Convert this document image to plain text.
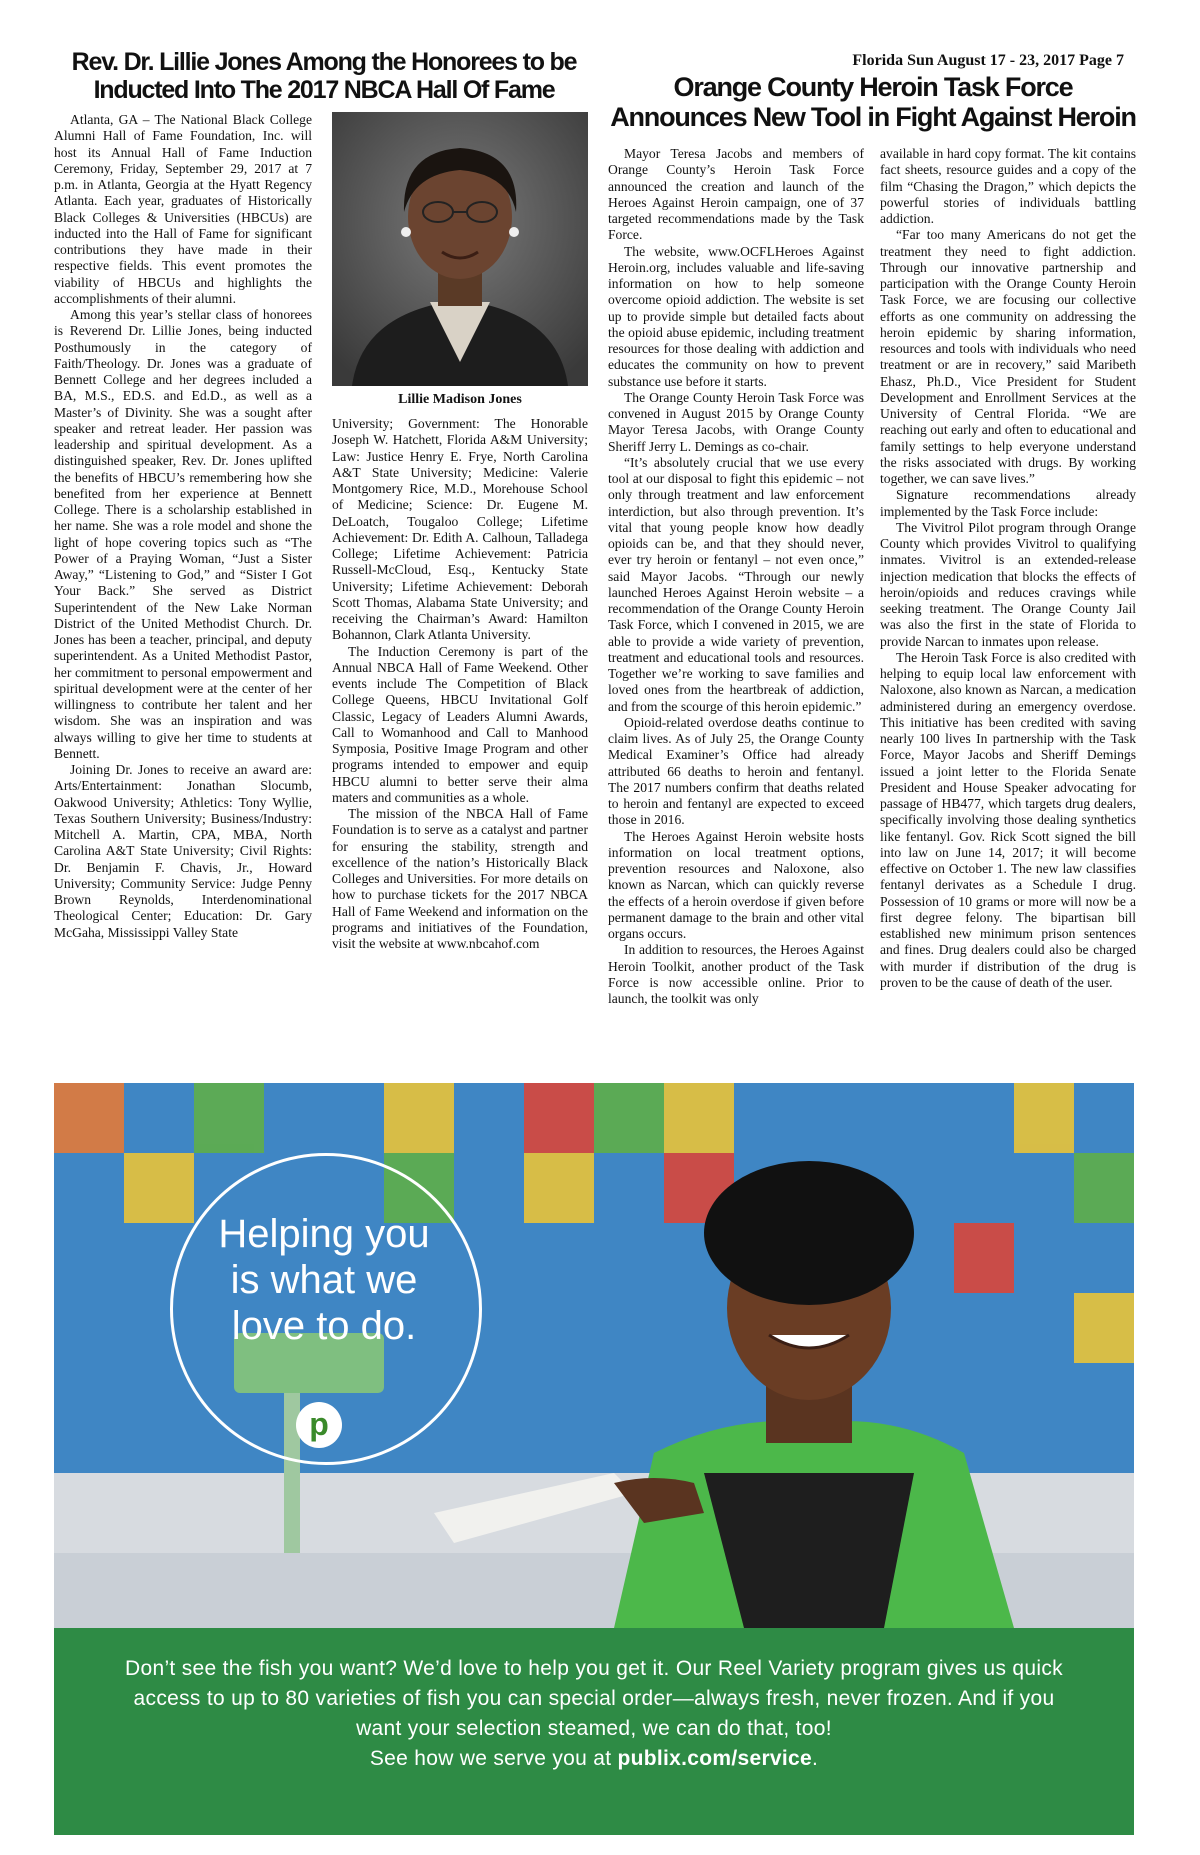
Rev. Dr. Lillie Jones Among the Honorees to be
Inducted Into The 2017 NBCA Hall Of Fame
Florida Sun August 17 - 23, 2017 Page 7
Orange County Heroin Task Force
Announces New Tool in Fight Against Heroin

Atlanta, GA – The National Black College Alumni Hall of Fame Foundation, Inc. will host its Annual Hall of Fame Induction Ceremony, Friday, September 29, 2017 at 7 p.m. in Atlanta, Georgia at the Hyatt Regency Atlanta. Each year, graduates of Historically Black Colleges & Universities (HBCUs) are inducted into the Hall of Fame for significant contributions they have made in their respective fields. This event promotes the viability of HBCUs and highlights the accomplishments of their alumni.

Among this year’s stellar class of honorees is Reverend Dr. Lillie Jones, being inducted Posthumously in the category of Faith/Theology. Dr. Jones was a graduate of Bennett College and her degrees included a BA, M.S., ED.S. and Ed.D., as well as a Master’s of Divinity. She was a sought after speaker and retreat leader. Her passion was leadership and spiritual development. As a distinguished speaker, Rev. Dr. Jones uplifted the benefits of HBCU’s remembering how she benefited from her experience at Bennett College. There is a scholarship established in her name. She was a role model and shone the light of hope covering topics such as “The Power of a Praying Woman, “Just a Sister Away,” “Listening to God,” and “Sister I Got Your Back.” She served as District Superintendent of the New Lake Norman District of the United Methodist Church. Dr. Jones has been a teacher, principal, and deputy superintendent. As a United Methodist Pastor, her commitment to personal empowerment and spiritual development were at the center of her willingness to contribute her talent and her wisdom. She was an inspiration and was always willing to give her time to students at Bennett.

Joining Dr. Jones to receive an award are: Arts/Entertainment: Jonathan Slocumb, Oakwood University; Athletics: Tony Wyllie, Texas Southern University; Business/Industry: Mitchell A. Martin, CPA, MBA, North Carolina A&T State University; Civil Rights: Dr. Benjamin F. Chavis, Jr., Howard University; Community Service: Judge Penny Brown Reynolds, Interdenominational Theological Center; Education: Dr. Gary McGaha, Mississippi Valley State

Lillie Madison Jones

University; Government: The Honorable Joseph W. Hatchett, Florida A&M University; Law: Justice Henry E. Frye, North Carolina A&T State University; Medicine: Valerie Montgomery Rice, M.D., Morehouse School of Medicine; Science: Dr. Eugene M. DeLoatch, Tougaloo College; Lifetime Achievement: Dr. Edith A. Calhoun, Talladega College; Lifetime Achievement: Patricia Russell-McCloud, Esq., Kentucky State University; Lifetime Achievement: Deborah Scott Thomas, Alabama State University; and receiving the Chairman’s Award: Hamilton Bohannon, Clark Atlanta University.

The Induction Ceremony is part of the Annual NBCA Hall of Fame Weekend. Other events include The Competition of Black College Queens, HBCU Invitational Golf Classic, Legacy of Leaders Alumni Awards, Call to Womanhood and Call to Manhood Symposia, Positive Image Program and other programs intended to empower and equip HBCU alumni to better serve their alma maters and communities as a whole.

The mission of the NBCA Hall of Fame Foundation is to serve as a catalyst and partner for ensuring the stability, strength and excellence of the nation’s Historically Black Colleges and Universities. For more details on how to purchase tickets for the 2017 NBCA Hall of Fame Weekend and information on the programs and initiatives of the Foundation, visit the website at www.nbcahof.com

Mayor Teresa Jacobs and members of Orange County’s Heroin Task Force announced the creation and launch of the Heroes Against Heroin campaign, one of 37 targeted recommendations made by the Task Force.

The website, www.OCFLHeroes Against Heroin.org, includes valuable and life-saving information on how to help someone overcome opioid addiction. The website is set up to provide simple but detailed facts about the opioid abuse epidemic, including treatment resources for those dealing with addiction and educates the community on how to prevent substance use before it starts.

The Orange County Heroin Task Force was convened in August 2015 by Orange County Mayor Teresa Jacobs, with Orange County Sheriff Jerry L. Demings as co-chair.

“It’s absolutely crucial that we use every tool at our disposal to fight this epidemic – not only through treatment and law enforcement interdiction, but also through prevention. It’s vital that young people know how deadly opioids can be, and that they should never, ever try heroin or fentanyl – not even once,” said Mayor Jacobs. “Through our newly launched Heroes Against Heroin website – a recommendation of the Orange County Heroin Task Force, which I convened in 2015, we are able to provide a wide variety of prevention, treatment and educational tools and resources. Together we’re working to save families and loved ones from the heartbreak of addiction, and from the scourge of this heroin epidemic.”

Opioid-related overdose deaths continue to claim lives. As of July 25, the Orange County Medical Examiner’s Office had already attributed 66 deaths to heroin and fentanyl. The 2017 numbers confirm that deaths related to heroin and fentanyl are expected to exceed those in 2016.

The Heroes Against Heroin website hosts information on local treatment options, prevention resources and Naloxone, also known as Narcan, which can quickly reverse the effects of a heroin overdose if given before permanent damage to the brain and other vital organs occurs.

In addition to resources, the Heroes Against Heroin Toolkit, another product of the Task Force is now accessible online. Prior to launch, the toolkit was only

available in hard copy format. The kit contains fact sheets, resource guides and a copy of the film “Chasing the Dragon,” which depicts the powerful stories of individuals battling addiction.

“Far too many Americans do not get the treatment they need to fight addiction. Through our innovative partnership and participation with the Orange County Heroin Task Force, we are focusing our collective efforts as one community on addressing the heroin epidemic by sharing information, resources and tools with individuals who need treatment or are in recovery,” said Maribeth Ehasz, Ph.D., Vice President for Student Development and Enrollment Services at the University of Central Florida. “We are reaching out early and often to educational and family settings to help everyone understand the risks associated with drugs. By working together, we can save lives.”

Signature recommendations already implemented by the Task Force include:

The Vivitrol Pilot program through Orange County which provides Vivitrol to qualifying inmates. Vivitrol is an extended-release injection medication that blocks the effects of heroin/opioids and reduces cravings while seeking treatment. The Orange County Jail was also the first in the state of Florida to provide Narcan to inmates upon release.

The Heroin Task Force is also credited with helping to equip local law enforcement with Naloxone, also known as Narcan, a medication administered during an emergency overdose. This initiative has been credited with saving nearly 100 lives In partnership with the Task Force, Mayor Jacobs and Sheriff Demings issued a joint letter to the Florida Senate President and House Speaker advocating for passage of HB477, which targets drug dealers, specifically involving those dealing synthetics like fentanyl. Gov. Rick Scott signed the bill into law on June 14, 2017; it will become effective on October 1. The new law classifies fentanyl derivates as a Schedule I drug. Possession of 10 grams or more will now be a first degree felony. The bipartisan bill established new minimum prison sentences and fines. Drug dealers could also be charged with murder if distribution of the drug is proven to be the cause of death of the user.

Helping you
is what we
love to do.
p
Don’t see the fish you want? We’d love to help you get it. Our Reel Variety program gives us quick access to up to 80 varieties of fish you can special order—always fresh, never frozen. And if you want your selection steamed, we can do that, too!
See how we serve you at publix.com/service.
